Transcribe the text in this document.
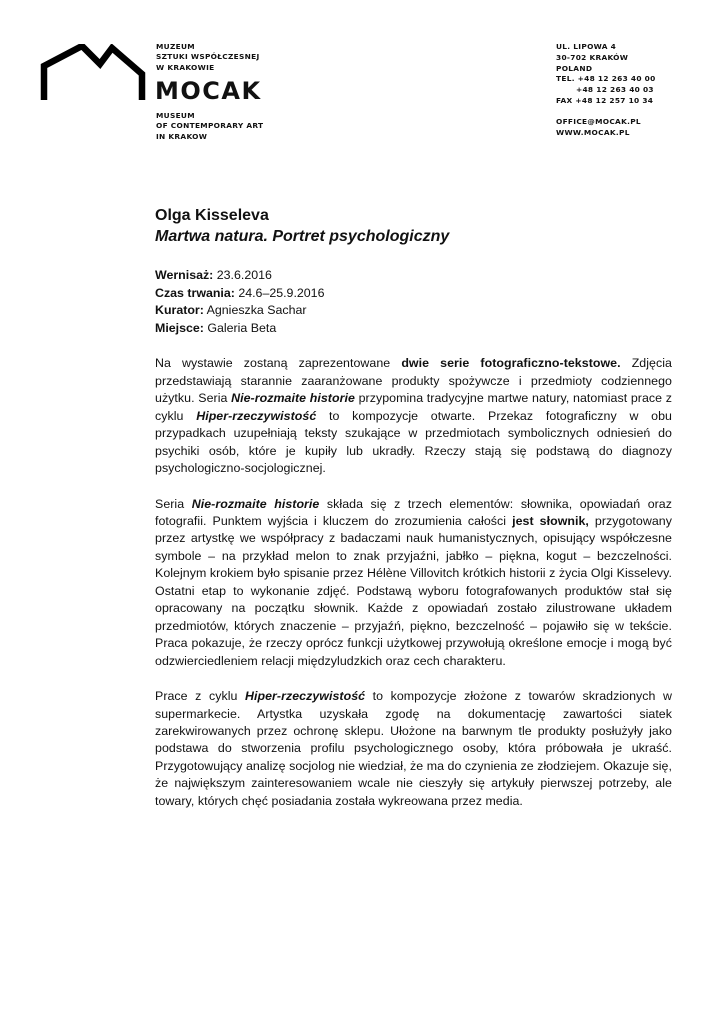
MUZEUM
SZTUKI WSPÓŁCZESNEJ
W KRAKOWIE
MOCAK
MUSEUM
OF CONTEMPORARY ART
IN KRAKOW
UL. LIPOWA 4
30-702 KRAKÓW
POLAND
TEL. +48 12 263 40 00
+48 12 263 40 03
FAX +48 12 257 10 34
OFFICE@MOCAK.PL
WWW.MOCAK.PL
Olga Kisseleva
Martwa natura. Portret psychologiczny
Wernisaż: 23.6.2016
Czas trwania: 24.6–25.9.2016
Kurator: Agnieszka Sachar
Miejsce: Galeria Beta

Na wystawie zostaną zaprezentowane dwie serie fotograficzno-tekstowe. Zdjęcia przedstawiają starannie zaaranżowane produkty spożywcze i przedmioty codziennego użytku. Seria Nie-rozmaite historie przypomina tradycyjne martwe natury, natomiast prace z cyklu Hiper-rzeczywistość to kompozycje otwarte. Przekaz fotograficzny w obu przypadkach uzupełniają teksty szukające w przedmiotach symbolicznych odniesień do psychiki osób, które je kupiły lub ukradły. Rzeczy stają się podstawą do diagnozy psychologiczno-socjologicznej.

Seria Nie-rozmaite historie składa się z trzech elementów: słownika, opowiadań oraz fotografii. Punktem wyjścia i kluczem do zrozumienia całości jest słownik, przygotowany przez artystkę we współpracy z badaczami nauk humanistycznych, opisujący współczesne symbole – na przykład melon to znak przyjaźni, jabłko – piękna, kogut – bezczelności. Kolejnym krokiem było spisanie przez Hélène Villovitch krótkich historii z życia Olgi Kisselevy. Ostatni etap to wykonanie zdjęć. Podstawą wyboru fotografowanych produktów stał się opracowany na początku słownik. Każde z opowiadań zostało zilustrowane układem przedmiotów, których znaczenie – przyjaźń, piękno, bezczelność – pojawiło się w tekście. Praca pokazuje, że rzeczy oprócz funkcji użytkowej przywołują określone emocje i mogą być odzwierciedleniem relacji międzyludzkich oraz cech charakteru.

Prace z cyklu Hiper-rzeczywistość to kompozycje złożone z towarów skradzionych w supermarkecie. Artystka uzyskała zgodę na dokumentację zawartości siatek zarekwirowanych przez ochronę sklepu. Ułożone na barwnym tle produkty posłużyły jako podstawa do stworzenia profilu psychologicznego osoby, która próbowała je ukraść. Przygotowujący analizę socjolog nie wiedział, że ma do czynienia ze złodziejem. Okazuje się, że największym zainteresowaniem wcale nie cieszyły się artykuły pierwszej potrzeby, ale towary, których chęć posiadania została wykreowana przez media.
